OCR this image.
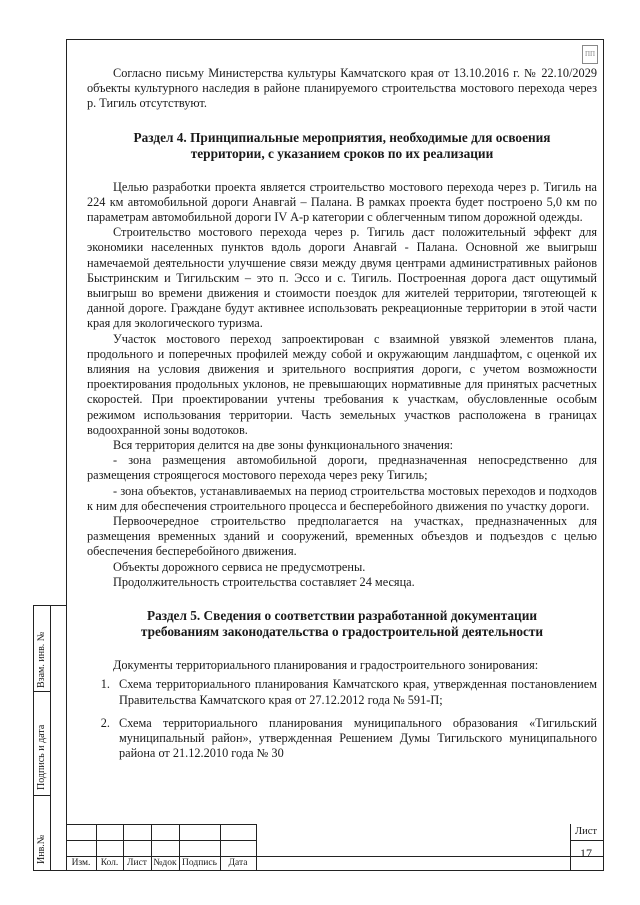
ПП
Взам. инв. №
Подпись и дата
Инв.№

Согласно письму Министерства культуры Камчатского края от 13.10.2016 г. № 22.10/2029 объекты культурного наследия в районе планируемого строительства мостового перехода через р. Тигиль отсутствуют.

Раздел 4. Принципиальные мероприятия, необходимые для освоения

территории, с указанием сроков по их реализации

Целью разработки проекта является строительство мостового перехода через р. Тигиль на 224 км автомобильной дороги Анавгай – Палана. В рамках проекта будет построено 5,0 км по параметрам автомобильной дороги IV А-р категории с облегченным типом дорожной одежды.

Строительство мостового перехода через р. Тигиль даст положительный эффект для экономики населенных пунктов вдоль дороги Анавгай - Палана. Основной же выигрыш намечаемой деятельности улучшение связи между двумя центрами административных районов Быстринским и Тигильским – это п. Эссо и с. Тигиль. Построенная дорога даст ощутимый выигрыш во времени движения и стоимости поездок для жителей территории, тяготеющей к данной дороге. Граждане будут активнее использовать рекреационные территории в этой части края для экологического туризма.

Участок мостового переход запроектирован с взаимной увязкой элементов плана, продольного и поперечных профилей между собой и окружающим ландшафтом, с оценкой их влияния на условия движения и зрительного восприятия дороги, с учетом возможности проектирования продольных уклонов, не превышающих нормативные для принятых расчетных скоростей. При проектировании учтены требования к участкам, обусловленные особым режимом использования территории. Часть земельных участков расположена в границах водоохранной зоны водотоков.

Вся территория делится на две зоны функционального значения:

- зона размещения автомобильной дороги, предназначенная непосредственно для размещения строящегося мостового перехода через реку Тигиль;

- зона объектов, устанавливаемых на период строительства мостовых переходов и подходов к ним для обеспечения строительного процесса и бесперебойного движения по участку дороги.

Первоочередное строительство предполагается на участках, предназначенных для размещения временных зданий и сооружений, временных объездов и подъездов с целью обеспечения бесперебойного движения.

Объекты дорожного сервиса не предусмотрены.

Продолжительность строительства составляет 24 месяца.

Раздел 5. Сведения о соответствии разработанной документации

требованиям законодательства о градостроительной деятельности

Документы территориального планирования и градостроительного зонирования:

1. Схема территориального планирования Камчатского края, утвержденная постановлением Правительства Камчатского края от 27.12.2012 года № 591-П;
2. Схема территориального планирования муниципального образования «Тигильский муниципальный район», утвержденная Решением Думы Тигильского муниципального района от 21.12.2010 года № 30
Изм.	Кол. Лист №док Подпись	Дата
Лист
17
